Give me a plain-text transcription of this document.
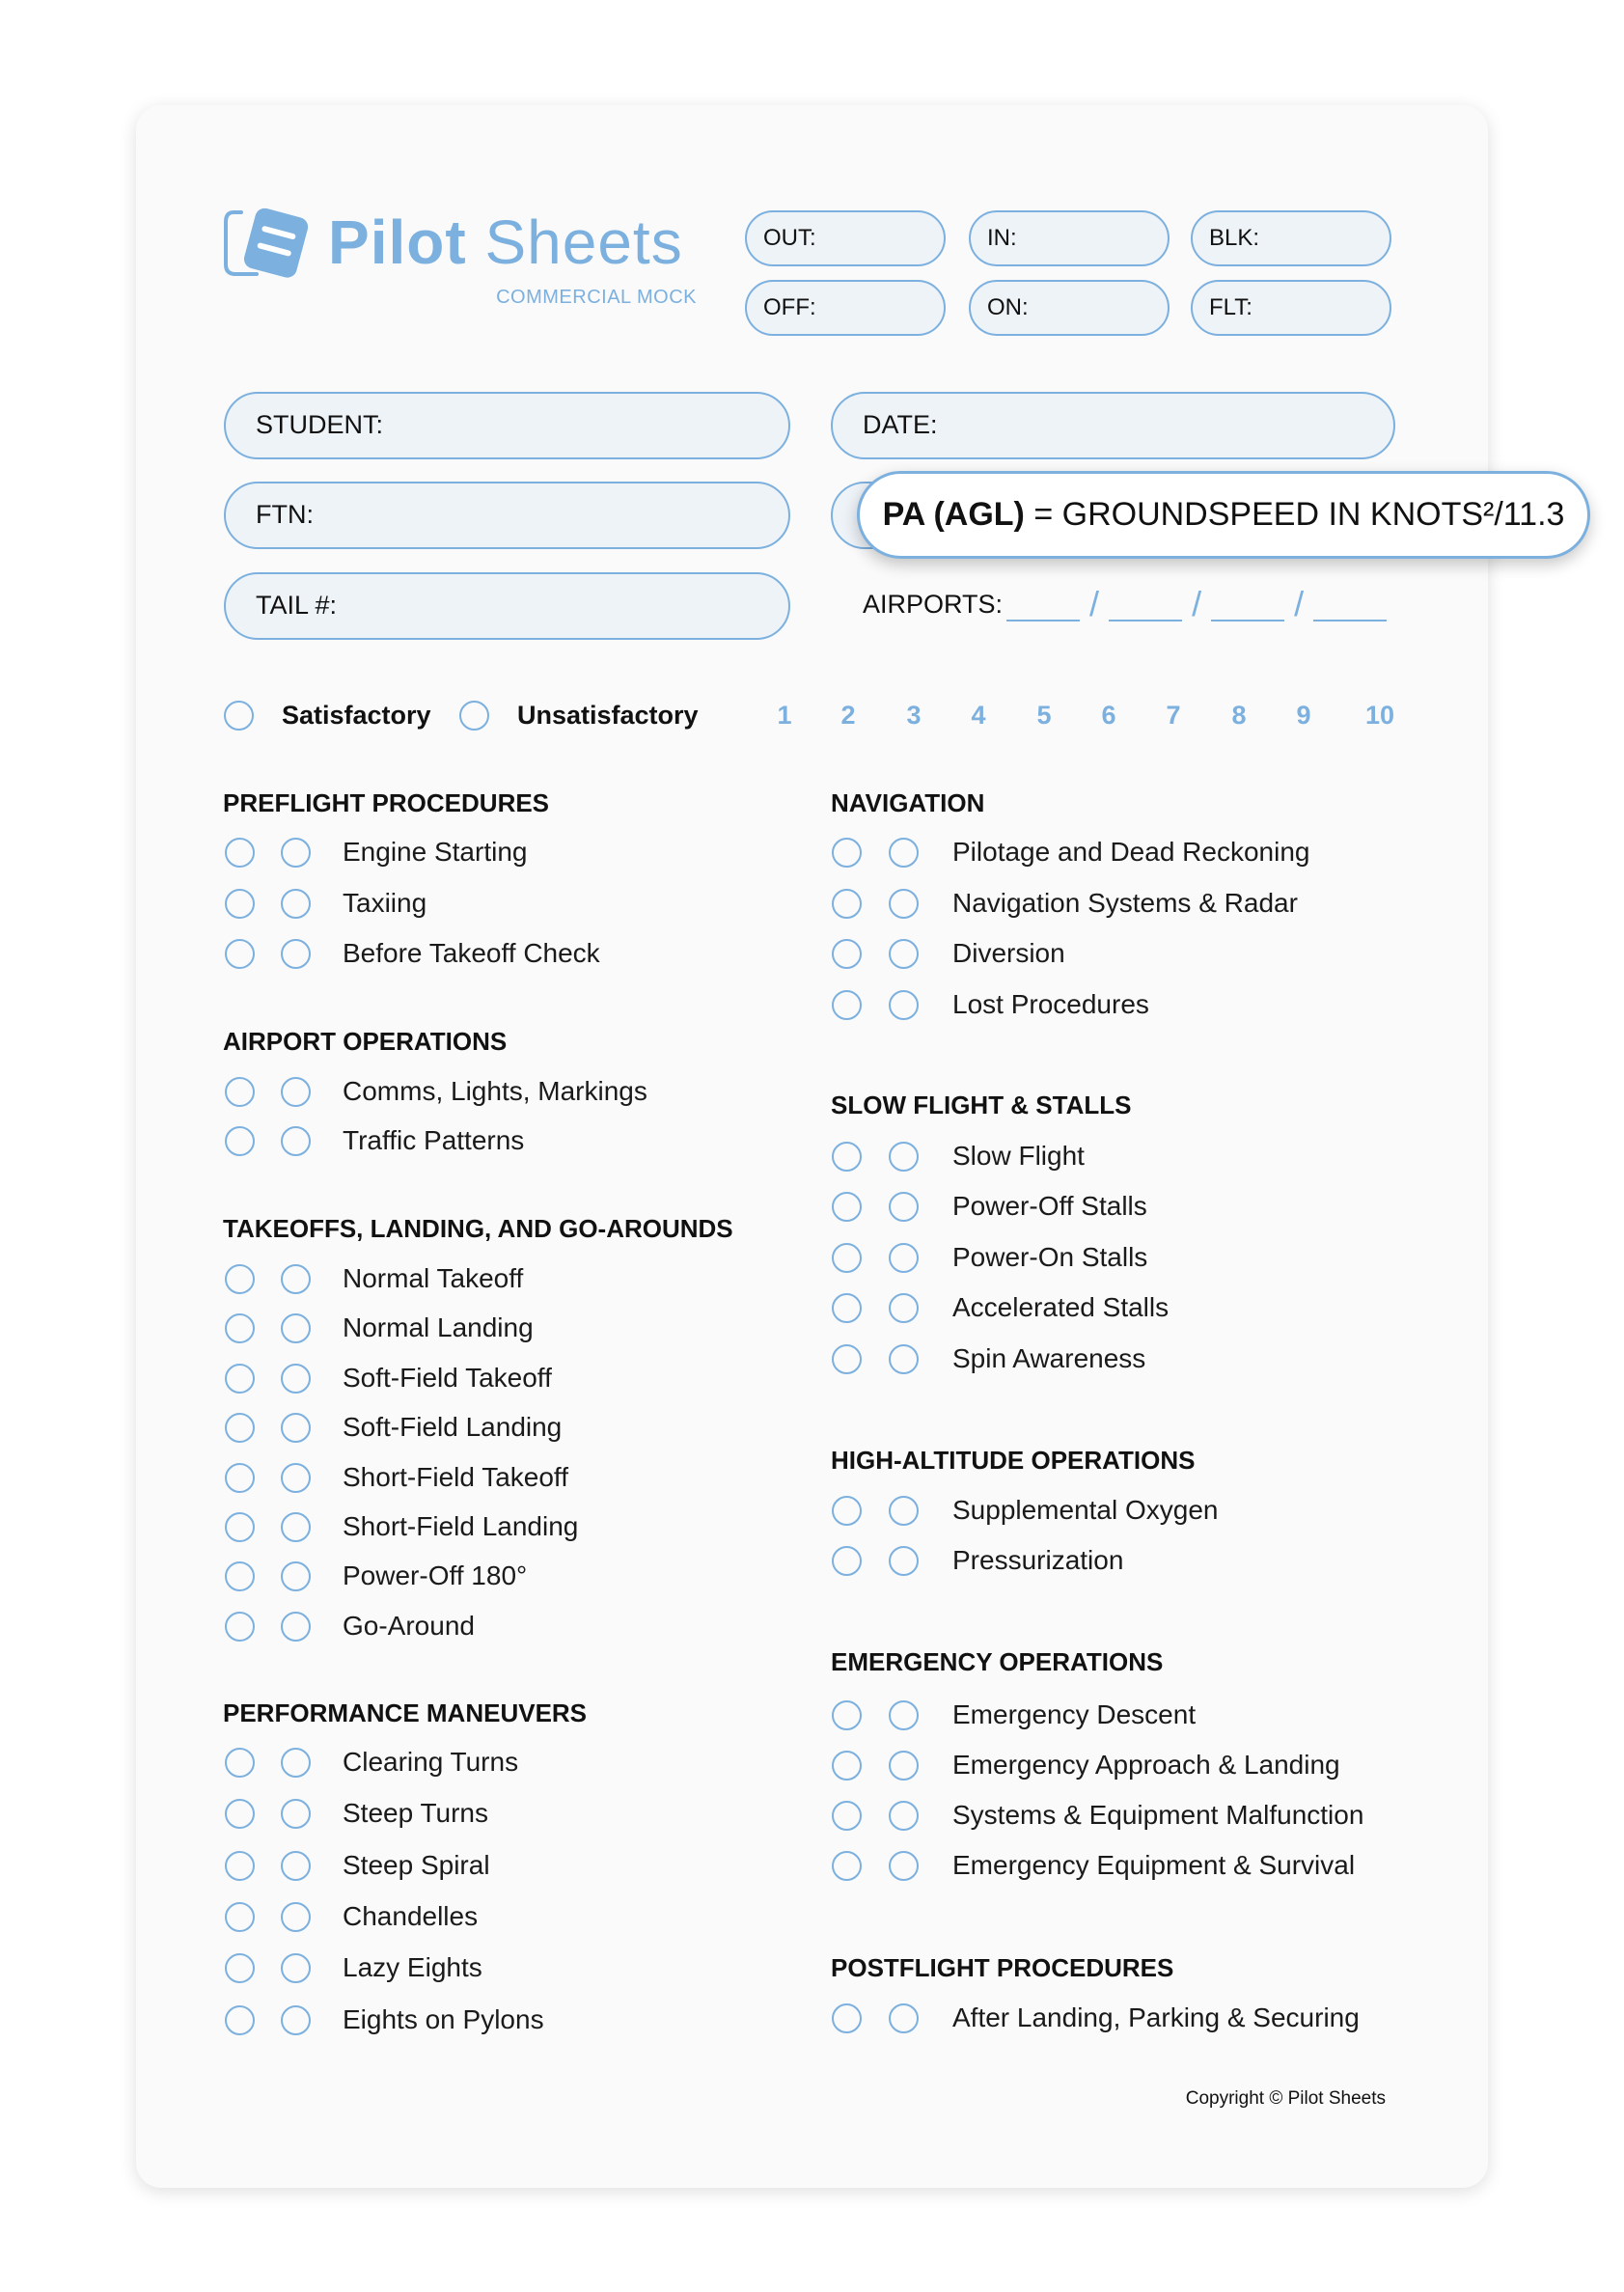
Pilot Sheets
COMMERCIAL MOCK
OUT:	IN:	BLK:
OFF:	ON:	FLT:
STUDENT:	DATE:
FTN:
TAIL #:
PA (AGL) = GROUNDSPEED IN KNOTS²/11.3
AIRPORTS:	/	/	/
Satisfactory	Unsatisfactory	1 2 3 4 5 6 7 8 9 10
PREFLIGHT PROCEDURES
Engine Starting
Taxiing
Before Takeoff Check
AIRPORT OPERATIONS
Comms, Lights, Markings
Traffic Patterns
TAKEOFFS, LANDING, AND GO-AROUNDS
Normal Takeoff
Normal Landing
Soft-Field Takeoff
Soft-Field Landing
Short-Field Takeoff
Short-Field Landing
Power-Off 180°
Go-Around
PERFORMANCE MANEUVERS
Clearing Turns
Steep Turns
Steep Spiral
Chandelles
Lazy Eights
Eights on Pylons
NAVIGATION
Pilotage and Dead Reckoning
Navigation Systems & Radar
Diversion
Lost Procedures
SLOW FLIGHT & STALLS
Slow Flight
Power-Off Stalls
Power-On Stalls
Accelerated Stalls
Spin Awareness
HIGH-ALTITUDE OPERATIONS
Supplemental Oxygen
Pressurization
EMERGENCY OPERATIONS
Emergency Descent
Emergency Approach & Landing
Systems & Equipment Malfunction
Emergency Equipment & Survival
POSTFLIGHT PROCEDURES
After Landing, Parking & Securing
Copyright © Pilot Sheets
